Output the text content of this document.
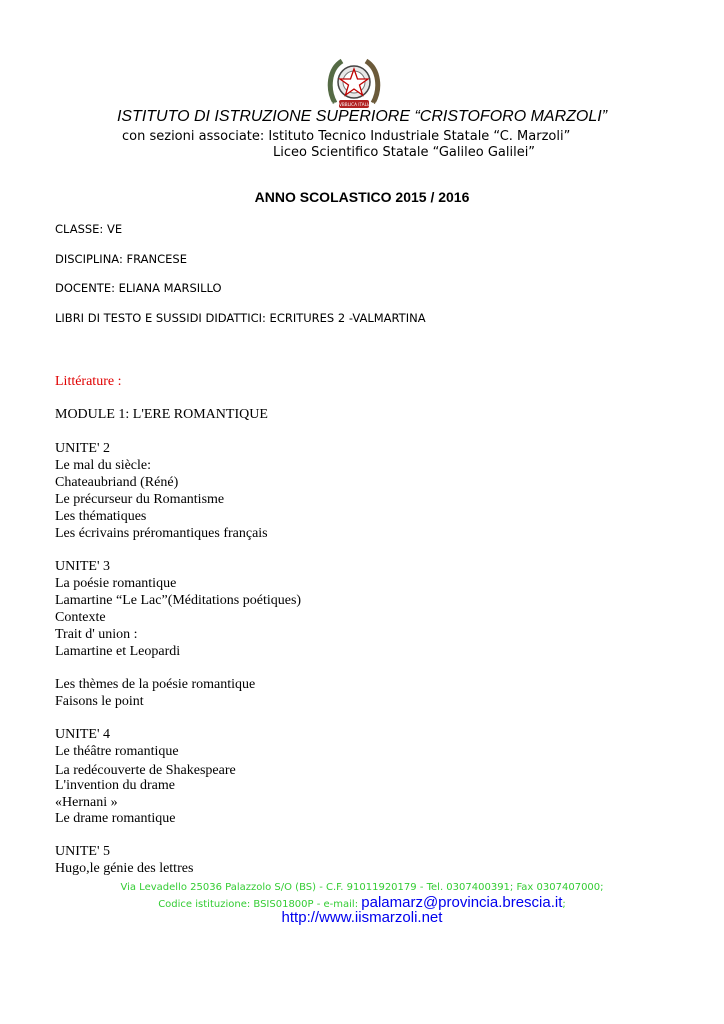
REPVBBLICA ITALIANA
ISTITUTO DI ISTRUZIONE SUPERIORE “CRISTOFORO MARZOLI”
con sezioni associate: Istituto Tecnico Industriale Statale “C. Marzoli”
Liceo Scientifico Statale “Galileo Galilei”
ANNO SCOLASTICO 2015 / 2016
CLASSE: VE
DISCIPLINA: FRANCESE
DOCENTE: ELIANA MARSILLO
LIBRI DI TESTO E SUSSIDI DIDATTICI: ECRITURES 2 -VALMARTINA
Littérature :
MODULE 1: L'ERE ROMANTIQUE
UNITE' 2
Le mal du siècle:
Chateaubriand (Réné)
Le précurseur du Romantisme
Les thématiques
Les écrivains préromantiques français
UNITE' 3
La poésie romantique
Lamartine “Le Lac”(Méditations poétiques)
Contexte
Trait d' union :
Lamartine et Leopardi
Les thèmes de la poésie romantique
Faisons le point
UNITE' 4
Le théâtre romantique
La redécouverte de Shakespeare
L'invention du drame
«Hernani »
Le drame romantique
UNITE' 5
Hugo,le génie des lettres
Via Levadello 25036 Palazzolo S/O (BS) - C.F. 91011920179 - Tel. 0307400391; Fax 0307407000;
Codice istituzione: BSIS01800P - e-mail: palamarz@provincia.brescia.it;
http://www.iismarzoli.net
